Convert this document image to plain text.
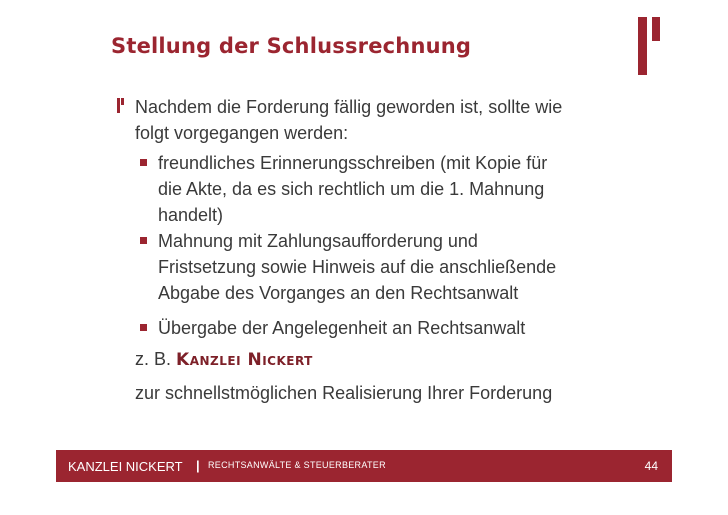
Stellung der Schlussrechnung
Nachdem die Forderung fällig geworden ist, sollte wie
folgt vorgegangen werden:
freundliches Erinnerungsschreiben (mit Kopie für
die Akte, da es sich rechtlich um die 1. Mahnung
handelt)
Mahnung mit Zahlungsaufforderung und
Fristsetzung sowie Hinweis auf die anschließende
Abgabe des Vorganges an den Rechtsanwalt
Übergabe der Angelegenheit an Rechtsanwalt
z. B. Kanzlei Nickert
zur schnellstmöglichen Realisierung Ihrer Forderung
KANZLEI NICKERT | RECHTSANWÄLTE & STEUERBERATER	44
